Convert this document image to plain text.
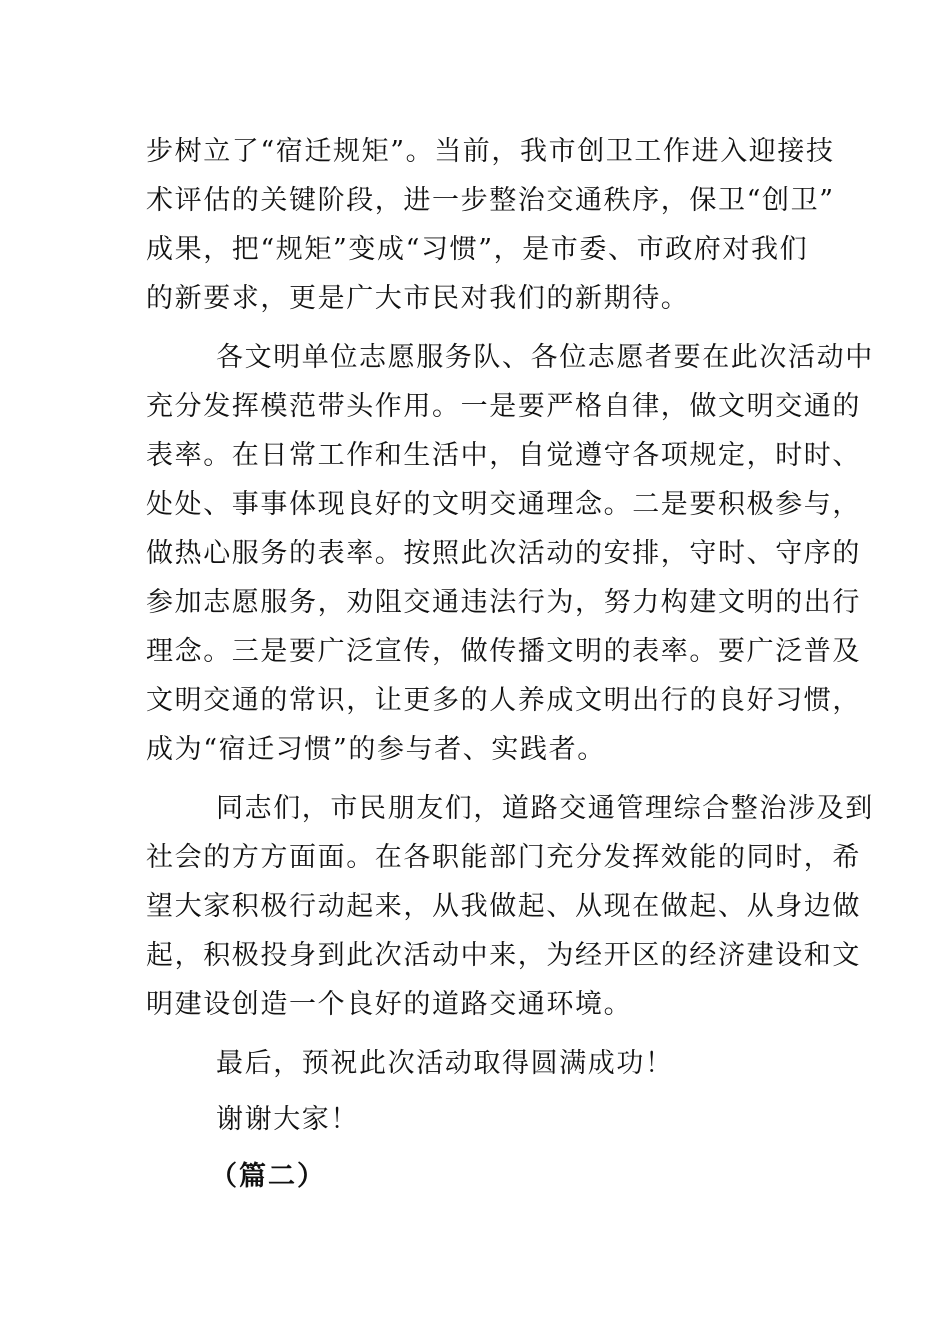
步树立了“宿迁规矩”。当前，我市创卫工作进入迎接技
术评估的关键阶段，进一步整治交通秩序，保卫“创卫”
成果，把“规矩”变成“习惯”，是市委、市政府对我们
的新要求，更是广大市民对我们的新期待。
各文明单位志愿服务队、各位志愿者要在此次活动中
充分发挥模范带头作用。一是要严格自律，做文明交通的
表率。在日常工作和生活中，自觉遵守各项规定，时时、
处处、事事体现良好的文明交通理念。二是要积极参与，
做热心服务的表率。按照此次活动的安排，守时、守序的
参加志愿服务，劝阻交通违法行为，努力构建文明的出行
理念。三是要广泛宣传，做传播文明的表率。要广泛普及
文明交通的常识，让更多的人养成文明出行的良好习惯，
成为“宿迁习惯”的参与者、实践者。
同志们，市民朋友们，道路交通管理综合整治涉及到
社会的方方面面。在各职能部门充分发挥效能的同时，希
望大家积极行动起来，从我做起、从现在做起、从身边做
起，积极投身到此次活动中来，为经开区的经济建设和文
明建设创造一个良好的道路交通环境。
最后，预祝此次活动取得圆满成功！
谢谢大家！
（篇二）
